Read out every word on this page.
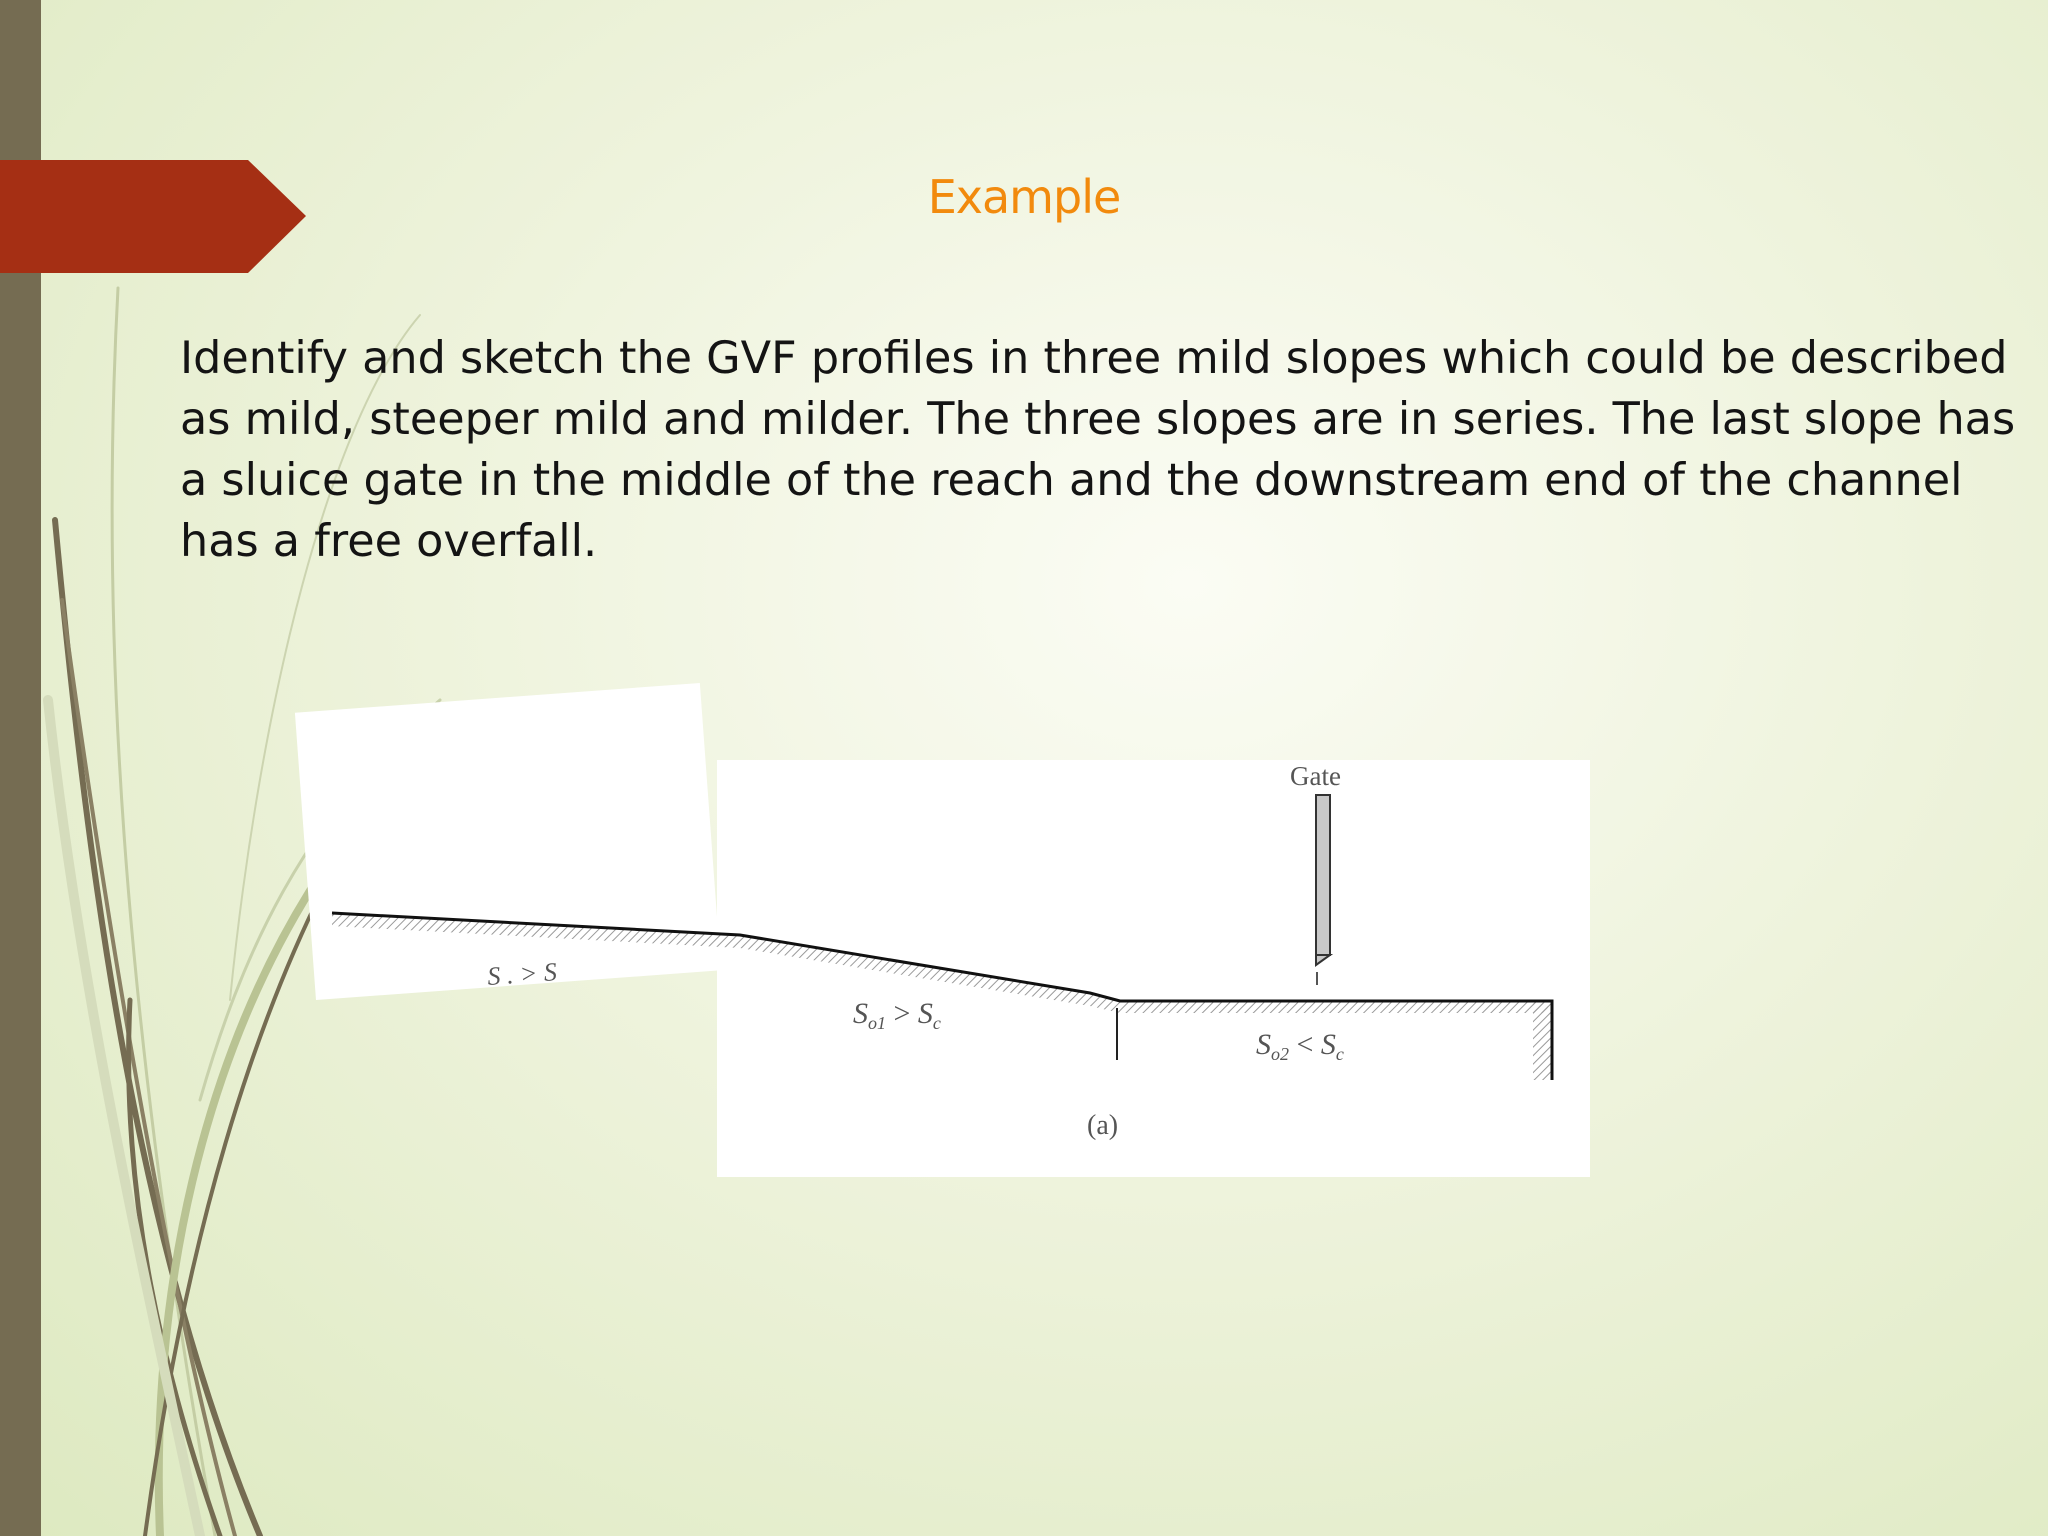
Example
Identify and sketch the GVF profiles in three mild slopes which could be described
as mild, steeper mild and milder. The three slopes are in series. The last slope has
a sluice gate in the middle of the reach and the downstream end of the channel
has a free overfall.
Gate
$S_{o1} > S_c$
$S_{o2} < S_c$
S . > S
(a)
